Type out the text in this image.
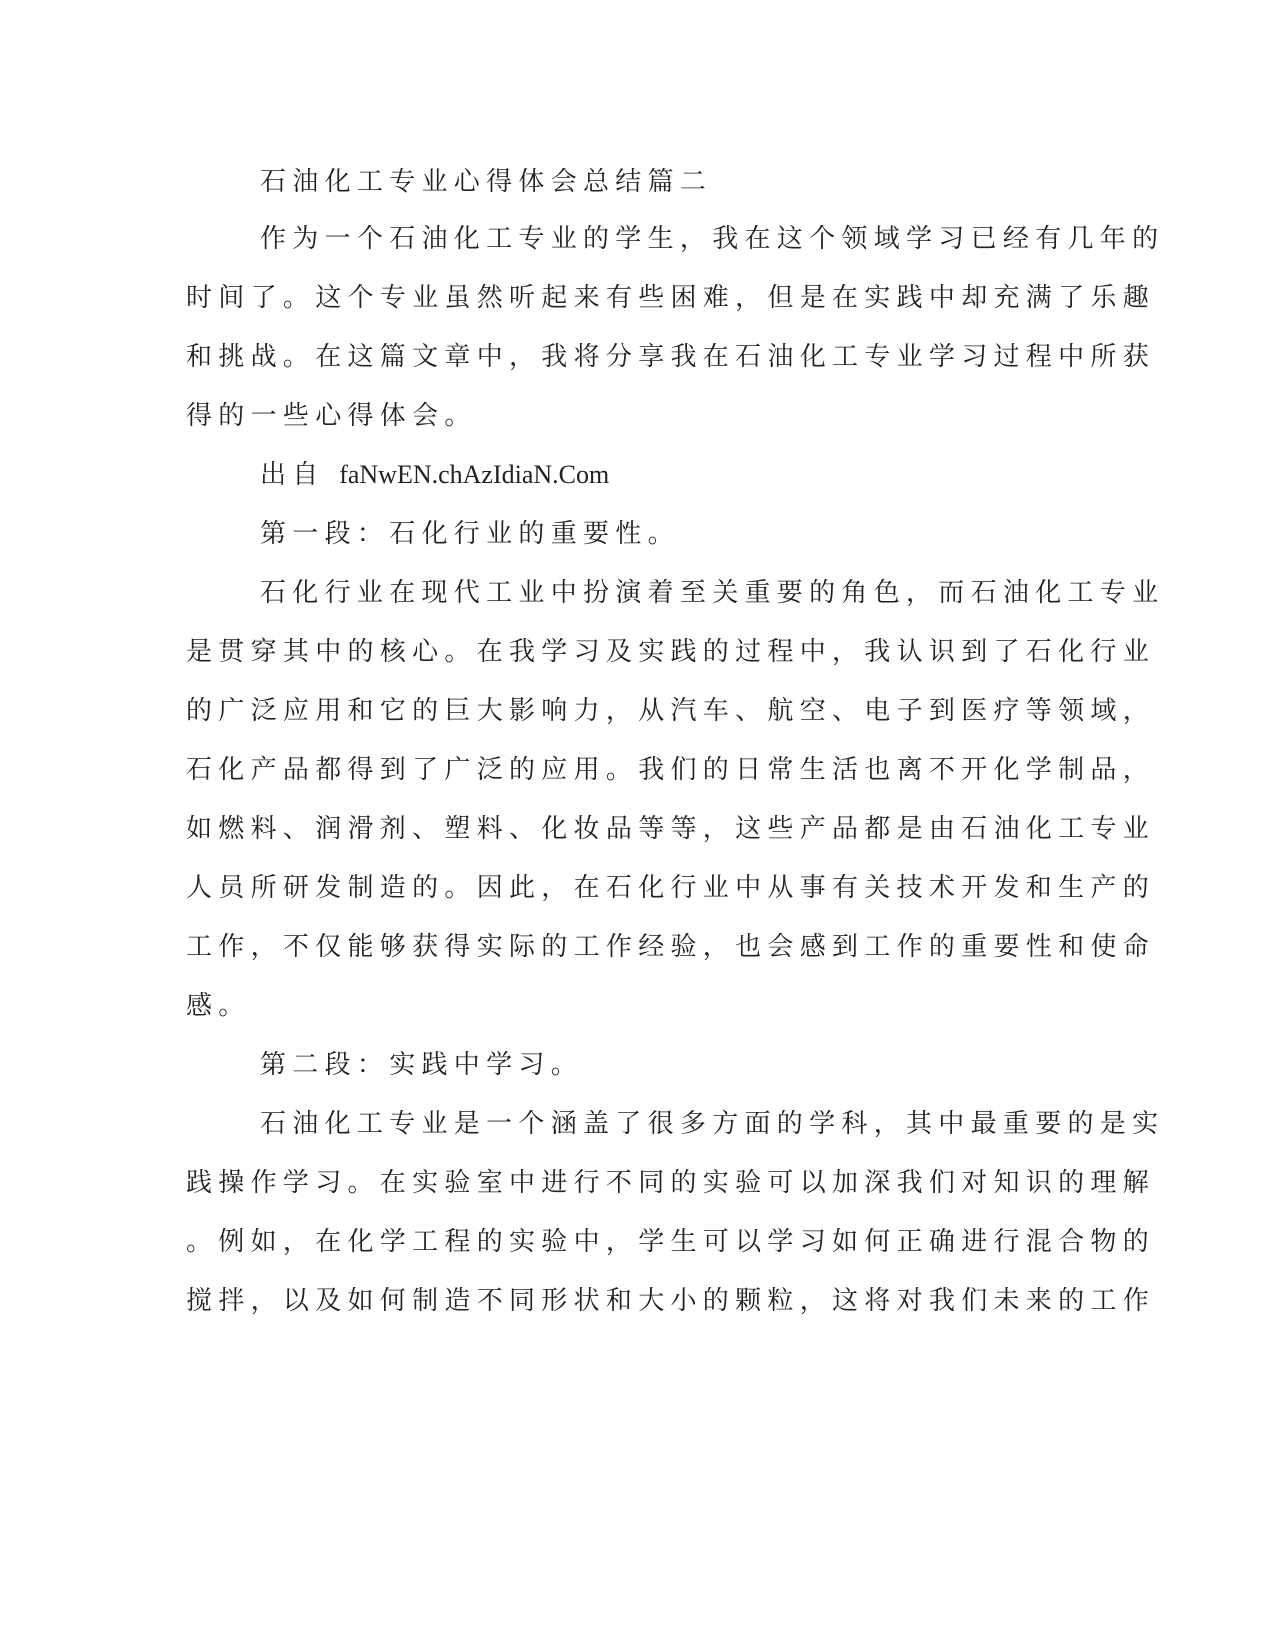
石油化工专业心得体会总结篇二
作为一个石油化工专业的学生，我在这个领域学习已经有几年的
时间了。这个专业虽然听起来有些困难，但是在实践中却充满了乐趣
和挑战。在这篇文章中，我将分享我在石油化工专业学习过程中所获
得的一些心得体会。
出自 faNwEN.chAzIdiaN.Com
第一段：石化行业的重要性。
石化行业在现代工业中扮演着至关重要的角色，而石油化工专业
是贯穿其中的核心。在我学习及实践的过程中，我认识到了石化行业
的广泛应用和它的巨大影响力，从汽车、航空、电子到医疗等领域，
石化产品都得到了广泛的应用。我们的日常生活也离不开化学制品，
如燃料、润滑剂、塑料、化妆品等等，这些产品都是由石油化工专业
人员所研发制造的。因此，在石化行业中从事有关技术开发和生产的
工作，不仅能够获得实际的工作经验，也会感到工作的重要性和使命
感。
第二段：实践中学习。
石油化工专业是一个涵盖了很多方面的学科，其中最重要的是实
践操作学习。在实验室中进行不同的实验可以加深我们对知识的理解
。例如，在化学工程的实验中，学生可以学习如何正确进行混合物的
搅拌，以及如何制造不同形状和大小的颗粒，这将对我们未来的工作
